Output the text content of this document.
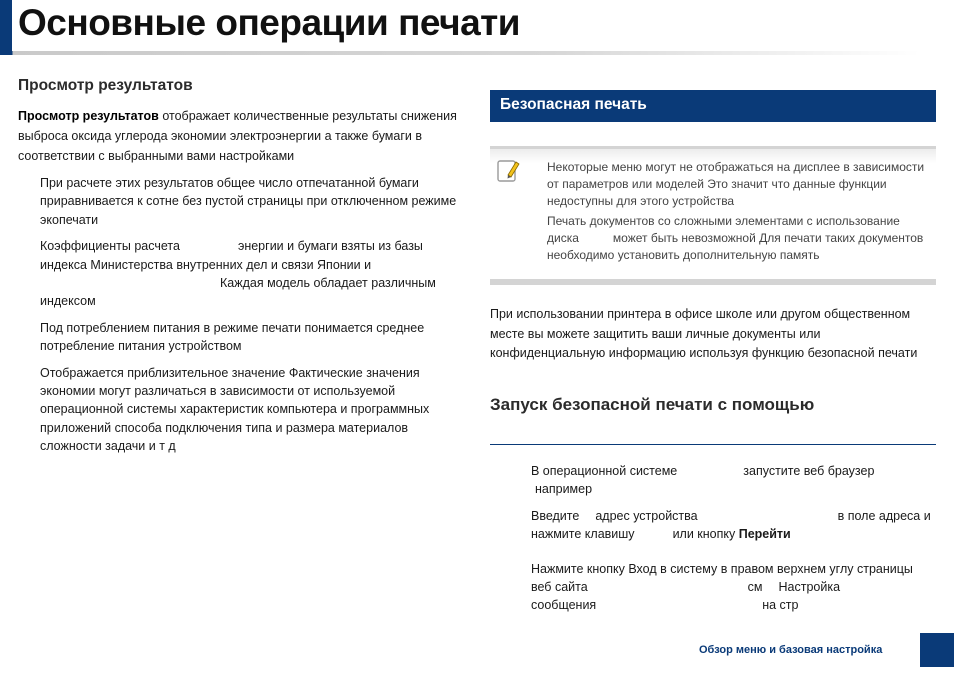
Основные операции печати
Просмотр результатов

Просмотр результатов отображает количественные результаты снижения выброса оксида углерода экономии электроэнергии а также бумаги в соответствии с выбранными вами настройками

При расчете этих результатов общее число отпечатанной бумаги приравнивается к сотне без пустой страницы при отключенном режиме экопечати

Коэффициенты расчета	энергии и бумаги взяты из базы индекса Министерства внутренних дел и связи Японии и
Каждая модель обладает различным
индексом

Под потреблением питания в режиме печати понимается среднее потребление питания устройством

Отображается приблизительное значение Фактические значения экономии могут различаться в зависимости от используемой операционной системы характеристик компьютера и программных приложений способа подключения типа и размера материалов сложности задачи и т д

Безопасная печать

Некоторые меню могут не отображаться на дисплее в зависимости от параметров или моделей Это значит что данные функции недоступны для этого устройства

Печать документов со сложными элементами с использование диска	может быть невозможной Для печати таких документов необходимо установить дополнительную память

При использовании принтера в офисе школе или другом общественном месте вы можете защитить ваши личные документы или конфиденциальную информацию используя функцию безопасной печати

Запуск безопасной печати с помощью

В операционной системе	запустите веб браузер
например

Введите адрес устройства	в поле адреса и нажмите клавишу	или кнопку Перейти

Нажмите кнопку Вход в систему в правом верхнем углу страницы веб сайта	см Настройка
сообщения	на стр

Обзор меню и базовая настройка
